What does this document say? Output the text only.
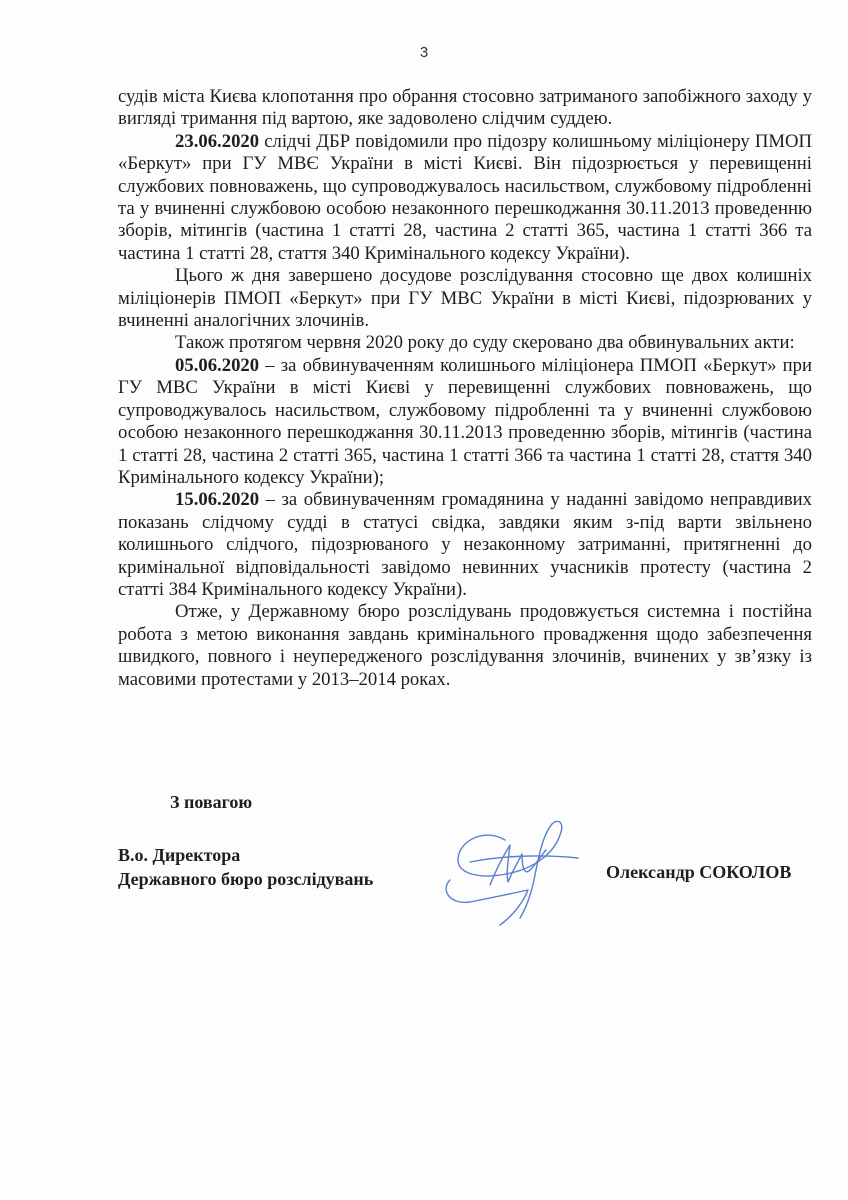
3

судів міста Києва клопотання про обрання стосовно затриманого запобіжного заходу у вигляді тримання під вартою, яке задоволено слідчим суддею.

23.06.2020 слідчі ДБР повідомили про підозру колишньому міліціонеру ПМОП «Беркут» при ГУ МВЄ України в місті Києві. Він підозрюється у перевищенні службових повноважень, що супроводжувалось насильством, службовому підробленні та у вчиненні службовою особою незаконного перешкоджання 30.11.2013 проведенню зборів, мітингів (частина 1 статті 28, частина 2 статті 365, частина 1 статті 366 та частина 1 статті 28, стаття 340 Кримінального кодексу України).

Цього ж дня завершено досудове розслідування стосовно ще двох колишніх міліціонерів ПМОП «Беркут» при ГУ МВС України в місті Києві, підозрюваних у вчиненні аналогічних злочинів.

Також протягом червня 2020 року до суду скеровано два обвинувальних акти:

05.06.2020 – за обвинуваченням колишнього міліціонера ПМОП «Беркут» при ГУ МВС України в місті Києві у перевищенні службових повноважень, що супроводжувалось насильством, службовому підробленні та у вчиненні службовою особою незаконного перешкоджання 30.11.2013 проведенню зборів, мітингів (частина 1 статті 28, частина 2 статті 365, частина 1 статті 366 та частина 1 статті 28, стаття 340 Кримінального кодексу України);

15.06.2020 – за обвинуваченням громадянина у наданні завідомо неправдивих показань слідчому судді в статусі свідка, завдяки яким з-під варти звільнено колишнього слідчого, підозрюваного у незаконному затриманні, притягненні до кримінальної відповідальності завідомо невинних учасників протесту (частина 2 статті 384 Кримінального кодексу України).

Отже, у Державному бюро розслідувань продовжується системна і постійна робота з метою виконання завдань кримінального провадження щодо забезпечення швидкого, повного і неупередженого розслідування злочинів, вчинених у зв’язку із масовими протестами у 2013–2014 роках.

З повагою
В.о. Директора
Державного бюро розслідувань	Олександр СОКОЛОВ
